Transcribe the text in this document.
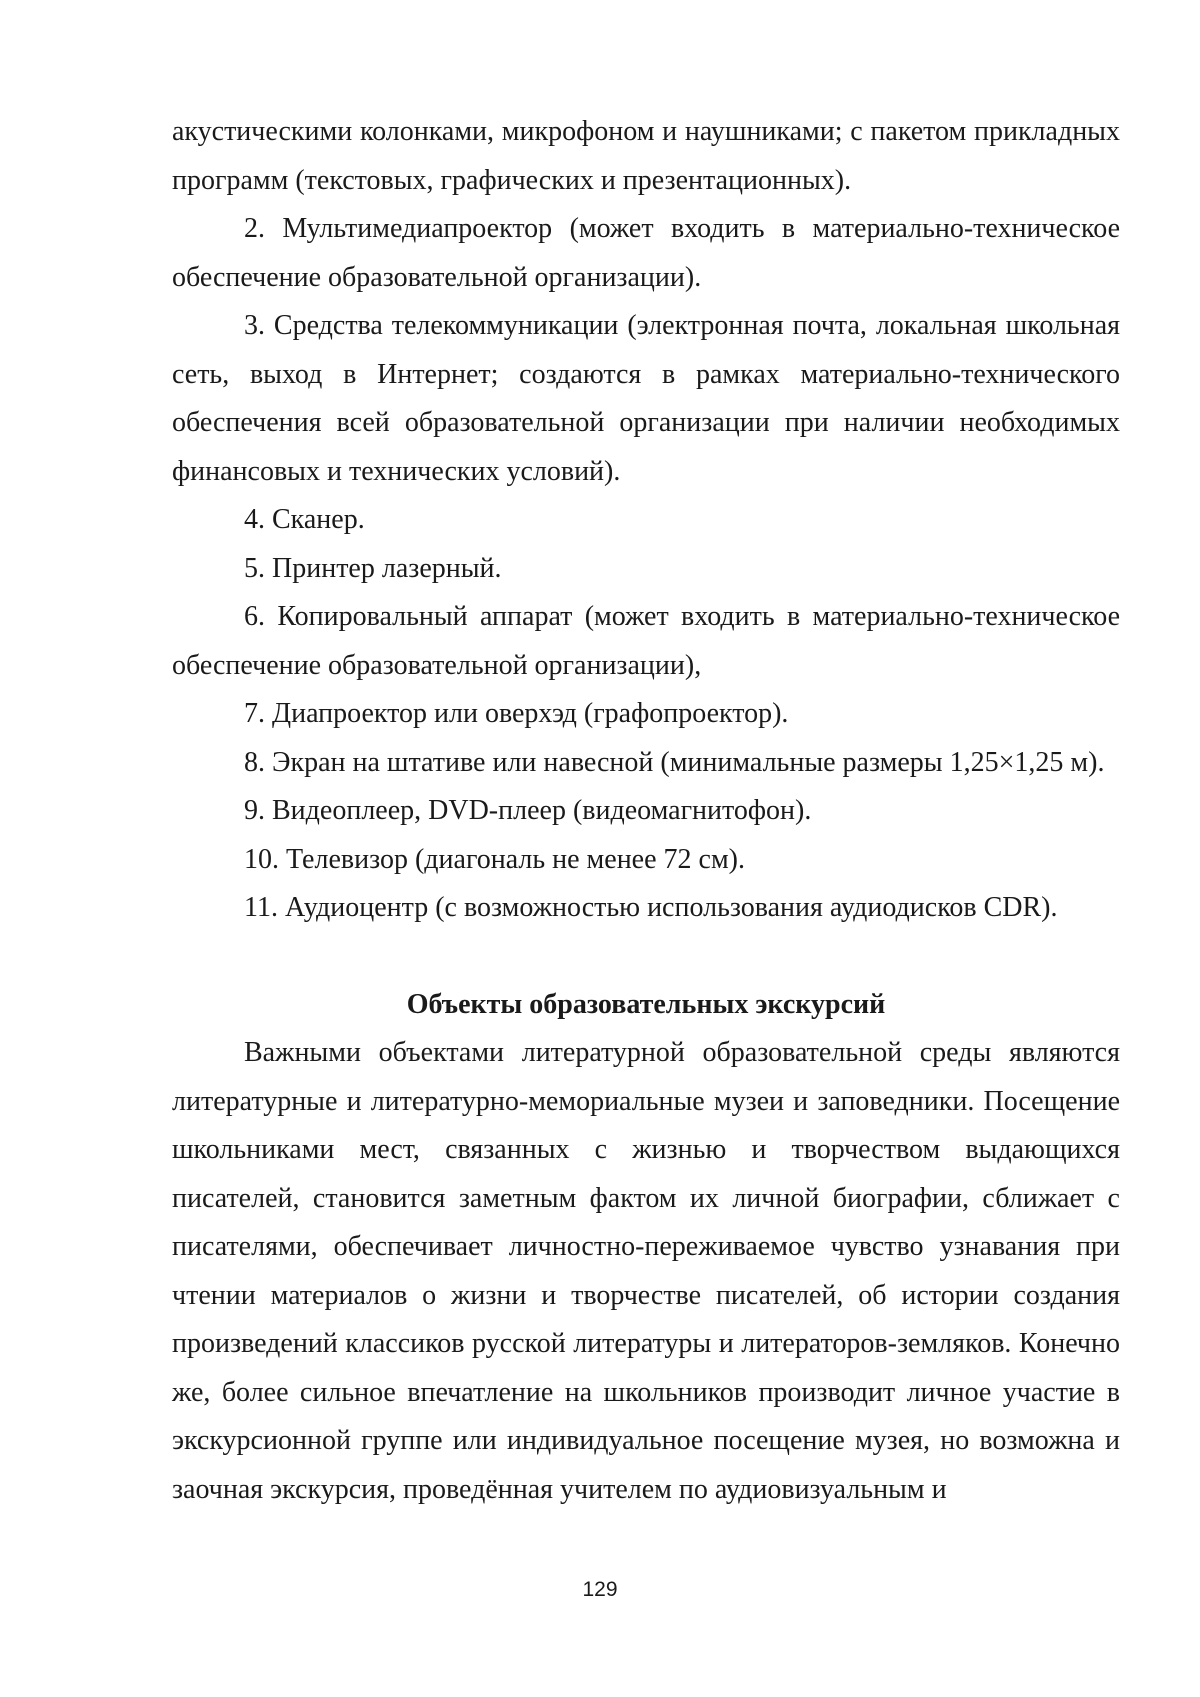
акустическими колонками, микрофоном и наушниками; с пакетом прикладных программ (текстовых, графических и презентационных).

2. Мультимедиапроектор (может входить в материально-техническое обеспечение образовательной организации).

3. Средства телекоммуникации (электронная почта, локальная школьная сеть, выход в Интернет; создаются в рамках материально-технического обеспечения всей образовательной организации при наличии необходимых финансовых и технических условий).

4. Сканер.

5. Принтер лазерный.

6. Копировальный аппарат (может входить в материально-техническое обеспечение образовательной организации),

7. Диапроектор или оверхэд (графопроектор).

8. Экран на штативе или навесной (минимальные размеры 1,25×1,25 м).

9. Видеоплеер, DVD-плеер (видеомагнитофон).

10. Телевизор (диагональ не менее 72 см).

11. Аудиоцентр (с возможностью использования аудиодисков CDR).

Объекты образовательных экскурсий

Важными объектами литературной образовательной среды являются литературные и литературно-мемориальные музеи и заповедники. Посещение школьниками мест, связанных с жизнью и творчеством выдающихся писателей, становится заметным фактом их личной биографии, сближает с писателями, обеспечивает личностно-переживаемое чувство узнавания при чтении материалов о жизни и творчестве писателей, об истории создания произведений классиков русской литературы и литераторов-земляков. Конечно же, более сильное впечатление на школьников производит личное участие в экскурсионной группе или индивидуальное посещение музея, но возможна и заочная экскурсия, проведённая учителем по аудиовизуальным и

129
